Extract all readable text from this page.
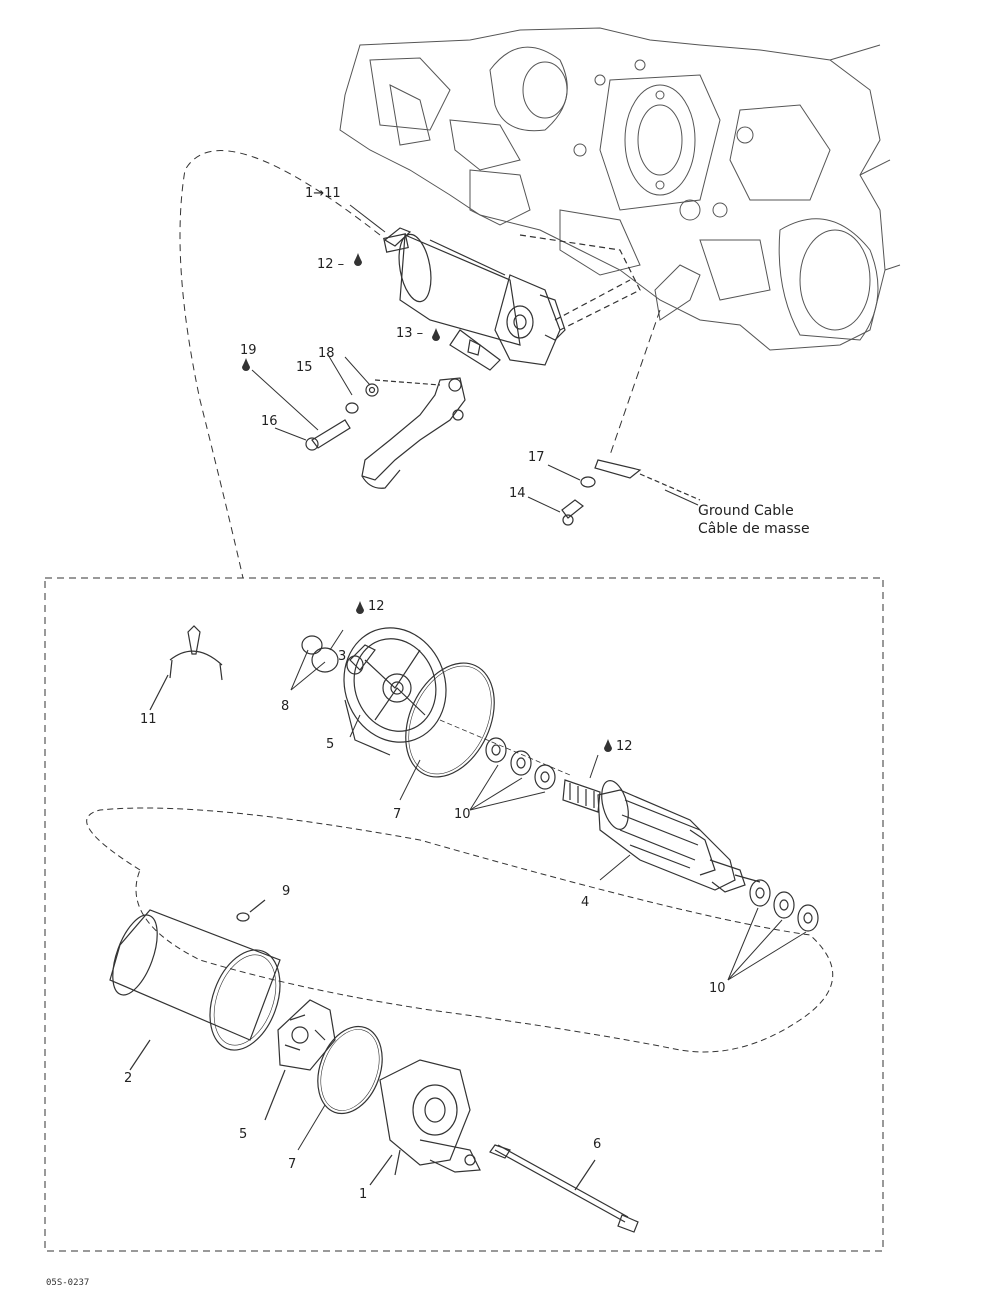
1→11
12 –
13 –
19
15
18
16
17
14
12
11
8
3
5
7
12
10
4
9
10
2
5
7
1
6
Ground Cable
Câble de masse
05S-0237
